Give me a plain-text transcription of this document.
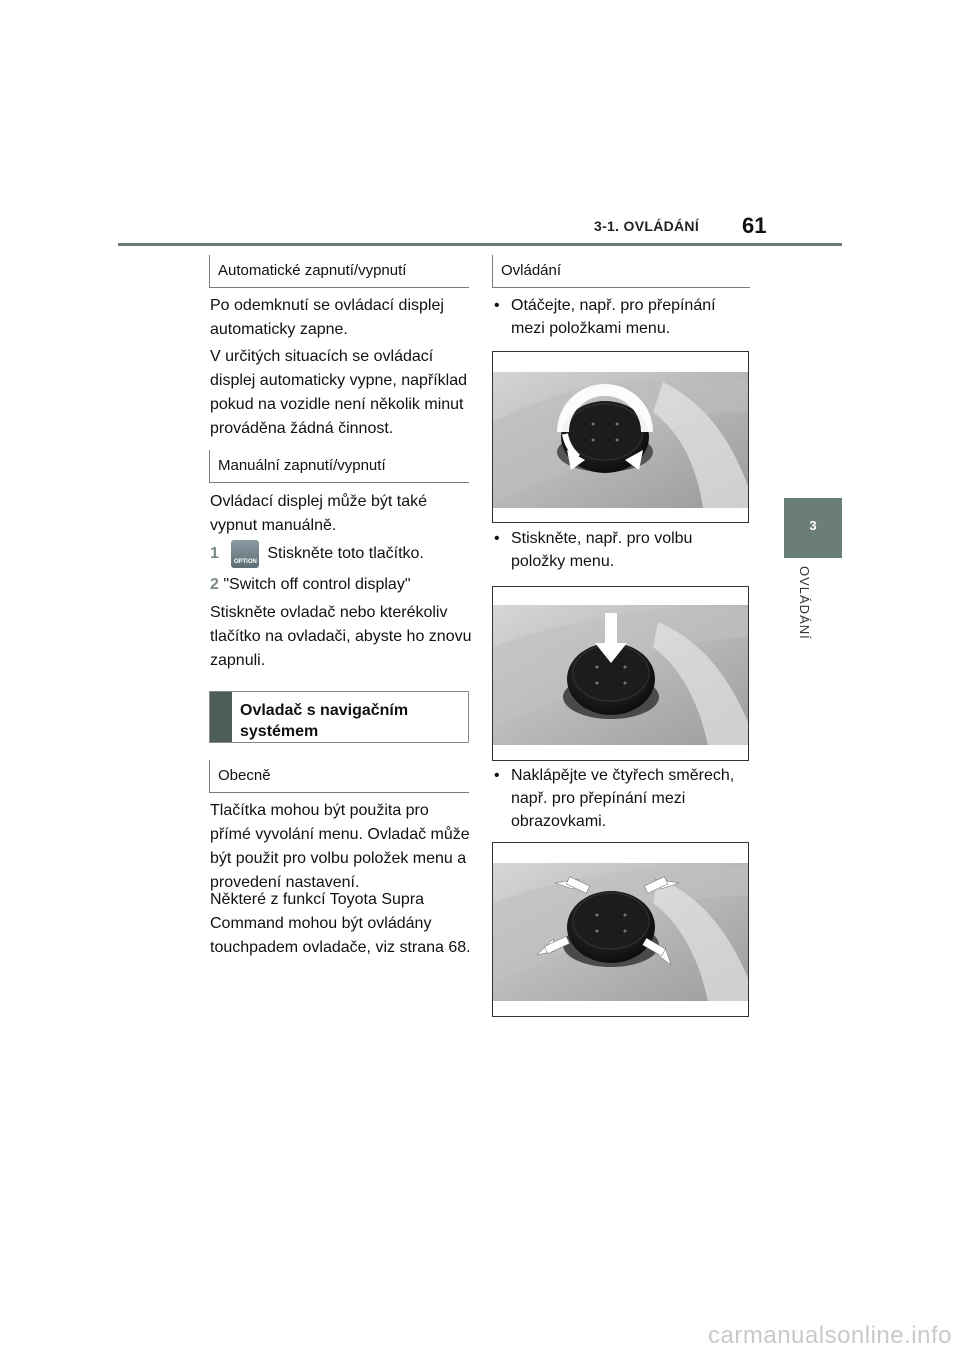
3-1. OVLÁDÁNÍ 61
3
OVLÁDÁNÍ
Automatické zapnutí/vypnutí

Po odemknutí se ovládací displej automaticky zapne.

V určitých situacích se ovládací displej automaticky vypne, například pokud na vozidle není několik minut prováděna žádná činnost.

Manuální zapnutí/vypnutí

Ovládací displej může být také vypnut manuálně.

1	OPTION Stiskněte toto tlačítko.
2 "Switch off control display"

Stiskněte ovladač nebo kterékoliv tlačítko na ovladači, abyste ho znovu zapnuli.

Ovladač s navigačním systémem
Obecně

Tlačítka mohou být použita pro přímé vyvolání menu. Ovladač může být použit pro volbu položek menu a provedení nastavení.

Některé z funkcí Toyota Supra Command mohou být ovládány touchpadem ovladače, viz strana 68.

Ovládání
• Otáčejte, např. pro přepínání mezi položkami menu.
• Stiskněte, např. pro volbu položky menu.
• Naklápějte ve čtyřech směrech, např. pro přepínání mezi obrazovkami.
carmanualsonline.info
